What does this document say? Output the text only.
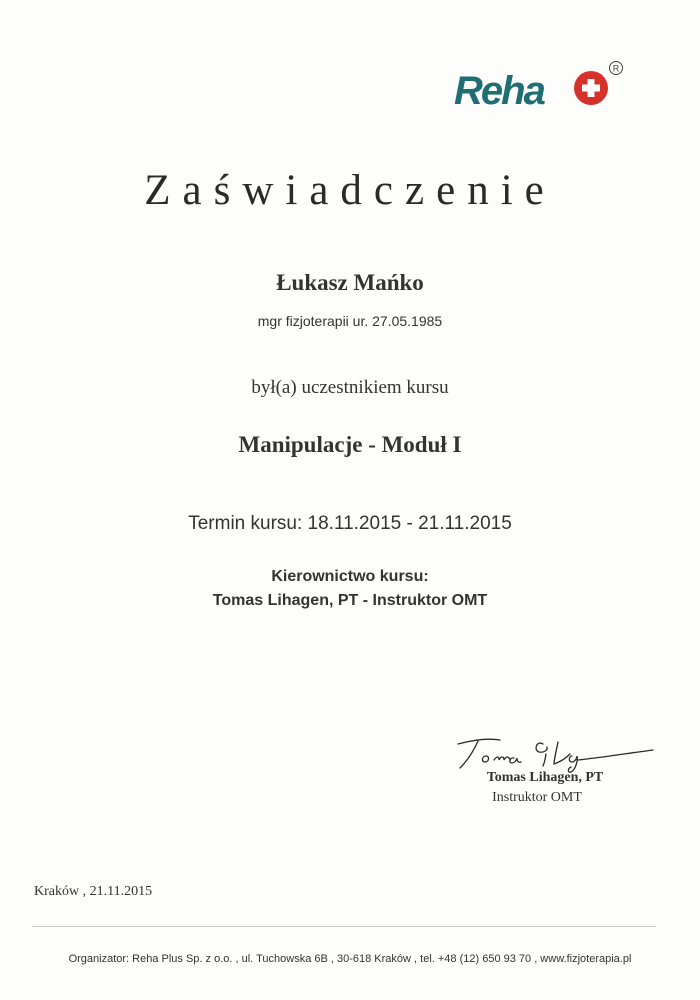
Reha
R
Zaświadczenie
Łukasz Mańko
mgr fizjoterapii ur. 27.05.1985
był(a) uczestnikiem kursu
Manipulacje - Moduł I
Termin kursu: 18.11.2015 - 21.11.2015
Kierownictwo kursu:
Tomas Lihagen, PT - Instruktor OMT
Tomas Lihagen, PT
Instruktor OMT
Kraków , 21.11.2015
Organizator: Reha Plus Sp. z o.o. , ul. Tuchowska 6B , 30-618 Kraków , tel. +48 (12) 650 93 70 , www.fizjoterapia.pl
